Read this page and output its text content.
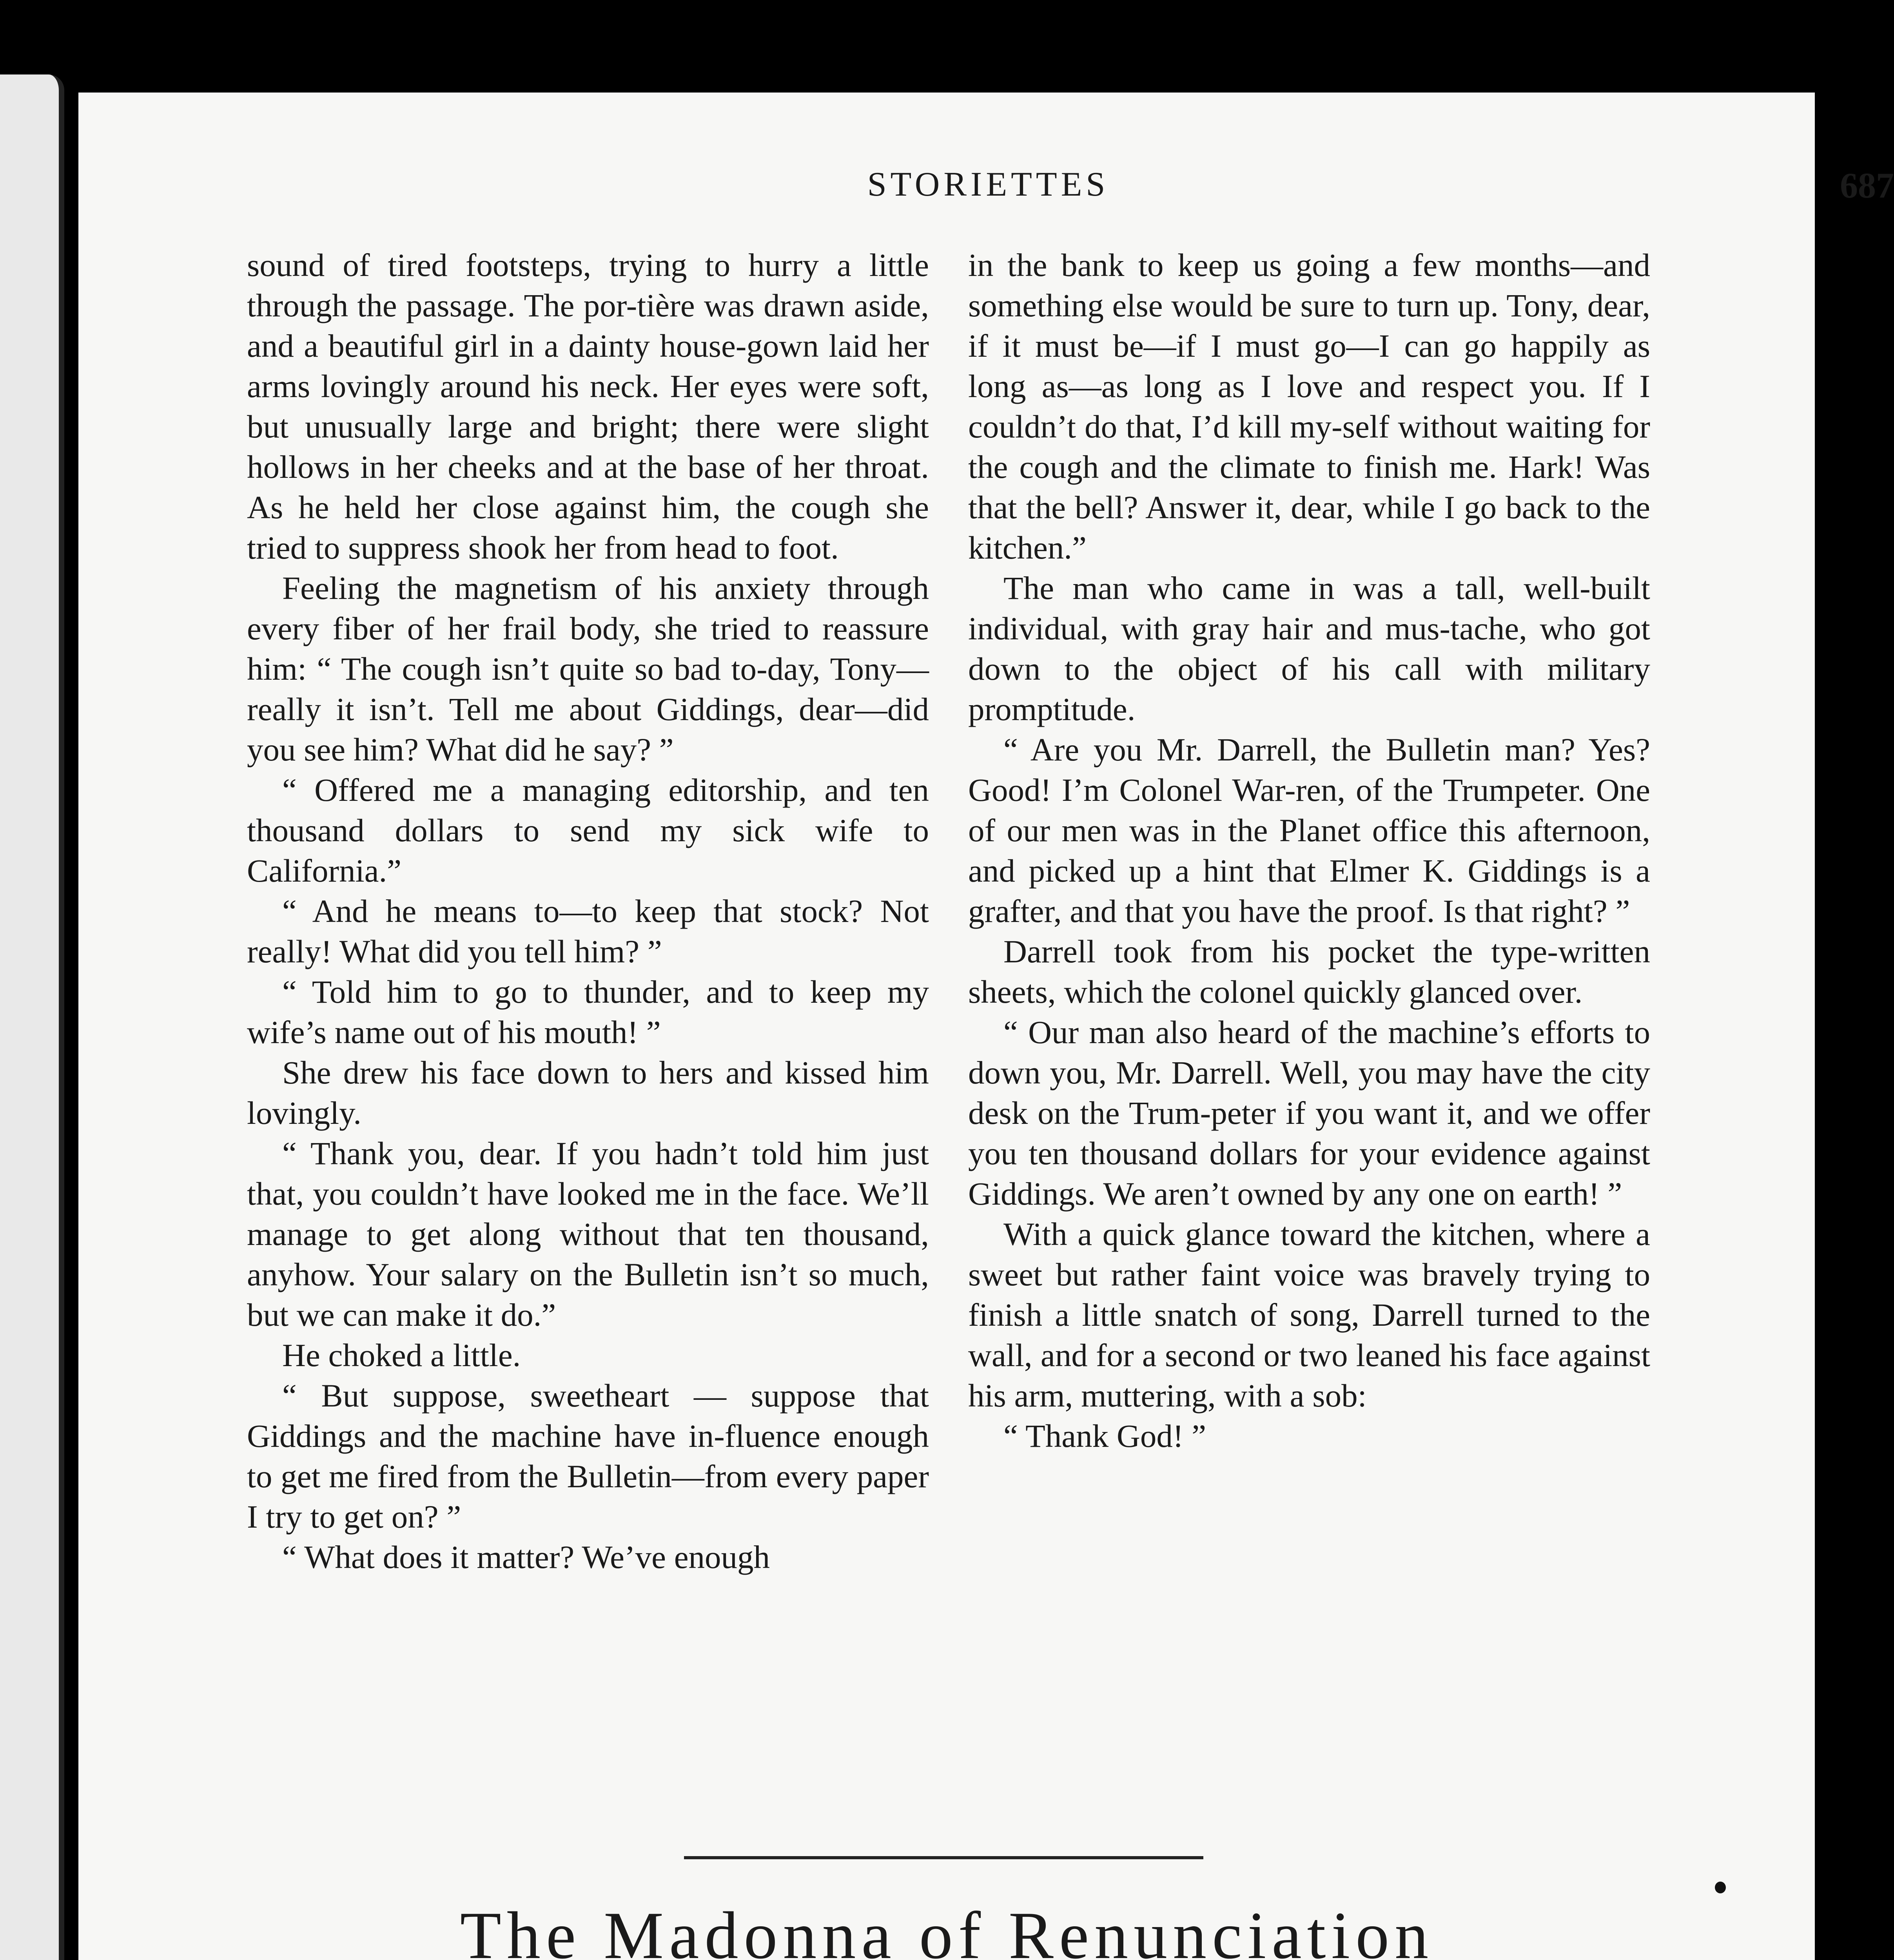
STORIETTES	687

sound of tired footsteps, trying to hurry a little through the passage. The por-tière was drawn aside, and a beautiful girl in a dainty house-gown laid her arms lovingly around his neck. Her eyes were soft, but unusually large and bright; there were slight hollows in her cheeks and at the base of her throat. As he held her close against him, the cough she tried to suppress shook her from head to foot.

Feeling the magnetism of his anxiety through every fiber of her frail body, she tried to reassure him: “ The cough isn’t quite so bad to-day, Tony—really it isn’t. Tell me about Giddings, dear—did you see him? What did he say? ”

“ Offered me a managing editorship, and ten thousand dollars to send my sick wife to California.”

“ And he means to—to keep that stock? Not really! What did you tell him? ”

“ Told him to go to thunder, and to keep my wife’s name out of his mouth! ”

She drew his face down to hers and kissed him lovingly.

“ Thank you, dear. If you hadn’t told him just that, you couldn’t have looked me in the face. We’ll manage to get along without that ten thousand, anyhow. Your salary on the Bulletin isn’t so much, but we can make it do.”

He choked a little.

“ But suppose, sweetheart — suppose that Giddings and the machine have in-fluence enough to get me fired from the Bulletin—from every paper I try to get on? ”

“ What does it matter? We’ve enough

in the bank to keep us going a few months—and something else would be sure to turn up. Tony, dear, if it must be—if I must go—I can go happily as long as—as long as I love and respect you. If I couldn’t do that, I’d kill my-self without waiting for the cough and the climate to finish me. Hark! Was that the bell? Answer it, dear, while I go back to the kitchen.”

The man who came in was a tall, well-built individual, with gray hair and mus-tache, who got down to the object of his call with military promptitude.

“ Are you Mr. Darrell, the Bulletin man? Yes? Good! I’m Colonel War-ren, of the Trumpeter. One of our men was in the Planet office this afternoon, and picked up a hint that Elmer K. Giddings is a grafter, and that you have the proof. Is that right? ”

Darrell took from his pocket the type-written sheets, which the colonel quickly glanced over.

“ Our man also heard of the machine’s efforts to down you, Mr. Darrell. Well, you may have the city desk on the Trum-peter if you want it, and we offer you ten thousand dollars for your evidence against Giddings. We aren’t owned by any one on earth! ”

With a quick glance toward the kitchen, where a sweet but rather faint voice was bravely trying to finish a little snatch of song, Darrell turned to the wall, and for a second or two leaned his face against his arm, muttering, with a sob:

“ Thank God! ”

The Madonna of Renunciation
